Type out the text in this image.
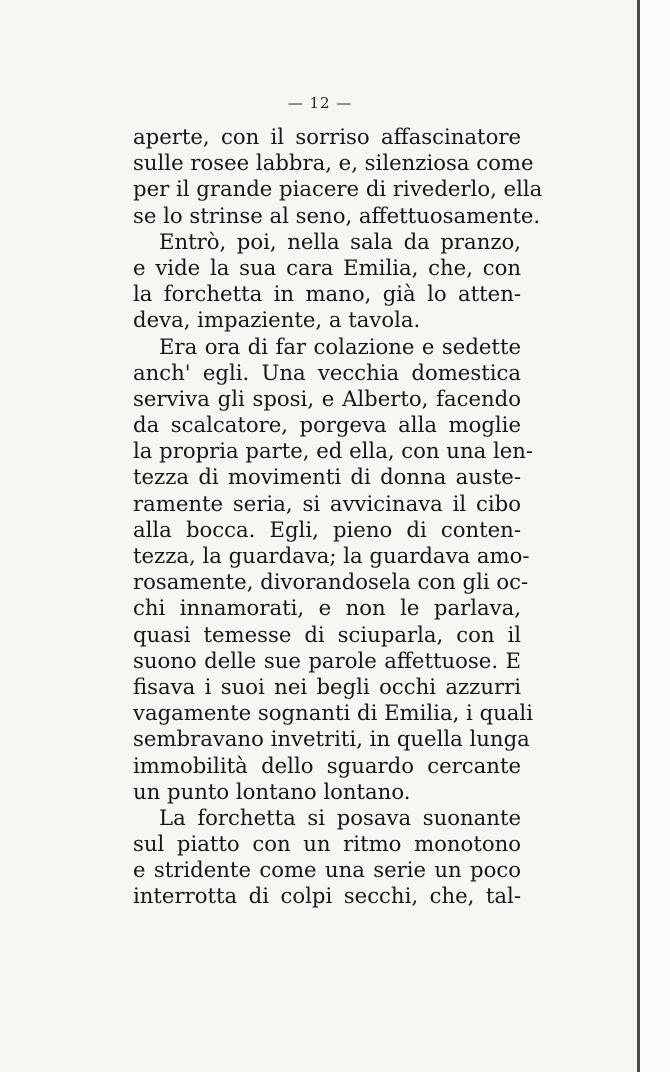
— 12 —
aperte, con il sorriso affascinatore
sulle rosee labbra, e, silenziosa come
per il grande piacere di rivederlo, ella
se lo strinse al seno, affettuosamente.
Entrò, poi, nella sala da pranzo,
e vide la sua cara Emilia, che, con
la forchetta in mano, già lo atten-
deva, impaziente, a tavola.
Era ora di far colazione e sedette
anch' egli. Una vecchia domestica
serviva gli sposi, e Alberto, facendo
da scalcatore, porgeva alla moglie
la propria parte, ed ella, con una len-
tezza di movimenti di donna auste-
ramente seria, si avvicinava il cibo
alla bocca. Egli, pieno di conten-
tezza, la guardava; la guardava amo-
rosamente, divorandosela con gli oc-
chi innamorati, e non le parlava,
quasi temesse di sciuparla, con il
suono delle sue parole affettuose. E
fisava i suoi nei begli occhi azzurri
vagamente sognanti di Emilia, i quali
sembravano invetriti, in quella lunga
immobilità dello sguardo cercante
un punto lontano lontano.
La forchetta si posava suonante
sul piatto con un ritmo monotono
e stridente come una serie un poco
interrotta di colpi secchi, che, tal-
